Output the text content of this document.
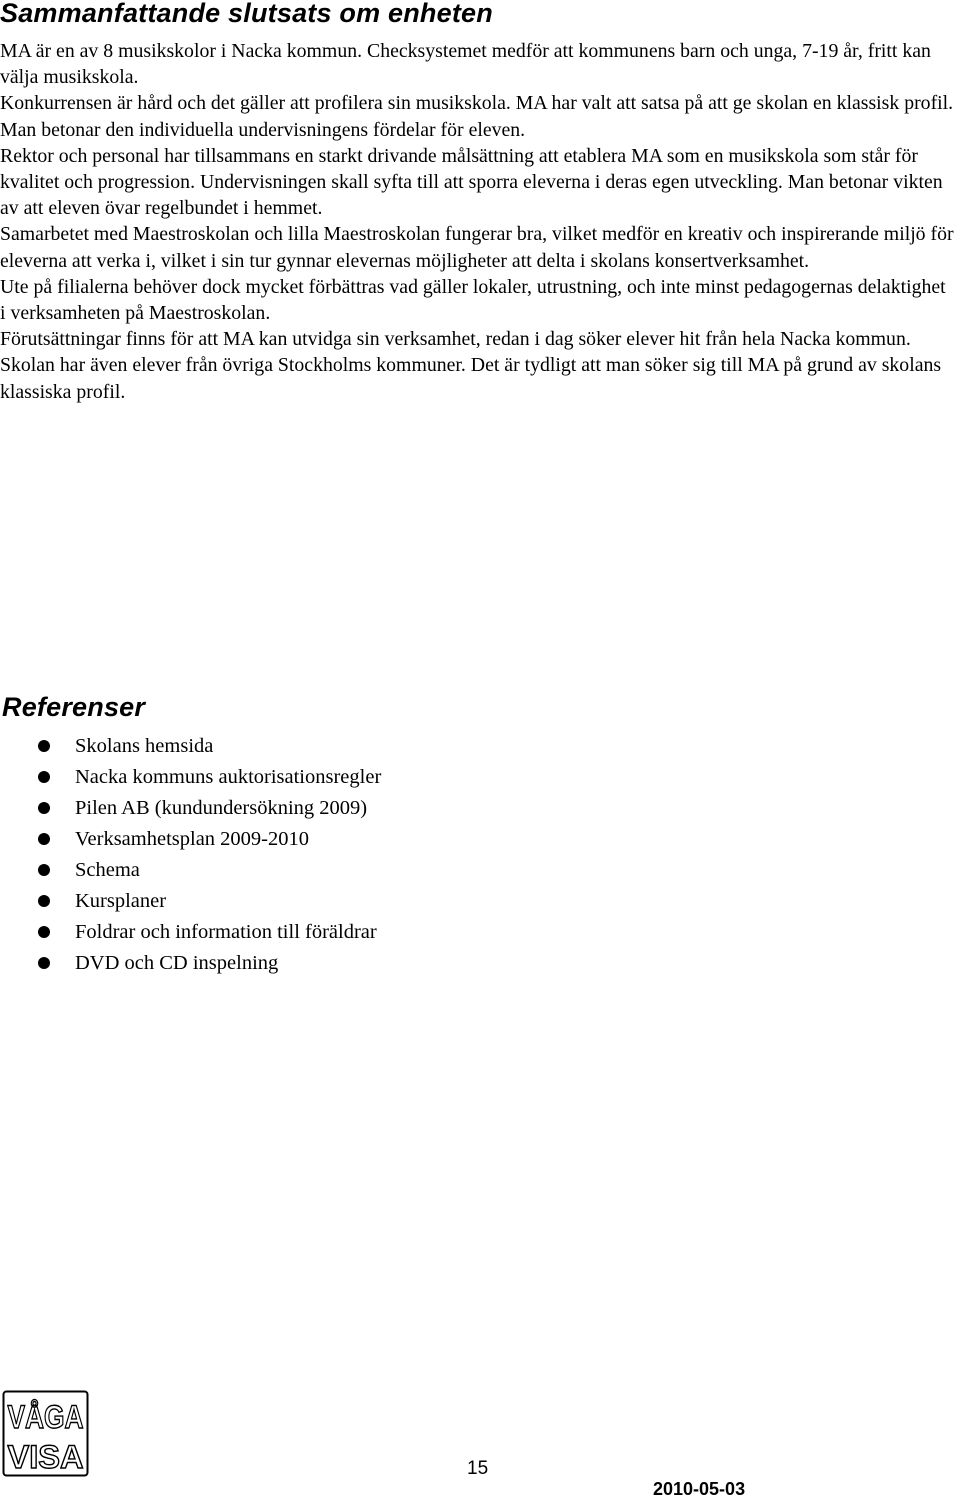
Sammanfattande slutsats om enheten

MA är en av 8 musikskolor i Nacka kommun. Checksystemet medför att kommunens barn och unga, 7-19 år, fritt kan välja musikskola.

Konkurrensen är hård och det gäller att profilera sin musikskola. MA har valt att satsa på att ge skolan en klassisk profil. Man betonar den individuella undervisningens fördelar för eleven.

Rektor och personal har tillsammans en starkt drivande målsättning att etablera MA som en musikskola som står för kvalitet och progression. Undervisningen skall syfta till att sporra eleverna i deras egen utveckling. Man betonar vikten av att eleven övar regelbundet i hemmet.

Samarbetet med Maestroskolan och lilla Maestroskolan fungerar bra, vilket medför en kreativ och inspirerande miljö för eleverna att verka i, vilket i sin tur gynnar elevernas möjligheter att delta i skolans konsertverksamhet.

Ute på filialerna behöver dock mycket förbättras vad gäller lokaler, utrustning, och inte minst pedagogernas delaktighet i verksamheten på Maestroskolan.

Förutsättningar finns för att MA kan utvidga sin verksamhet, redan i dag söker elever hit från hela Nacka kommun. Skolan har även elever från övriga Stockholms kommuner. Det är tydligt att man söker sig till MA på grund av skolans klassiska profil.

Referenser
Skolans hemsida
Nacka kommuns auktorisationsregler
Pilen AB (kundundersökning 2009)
Verksamhetsplan 2009-2010
Schema
Kursplaner
Foldrar och information till föräldrar
DVD och CD inspelning
VÅGA
VISA	15
2010-05-03
